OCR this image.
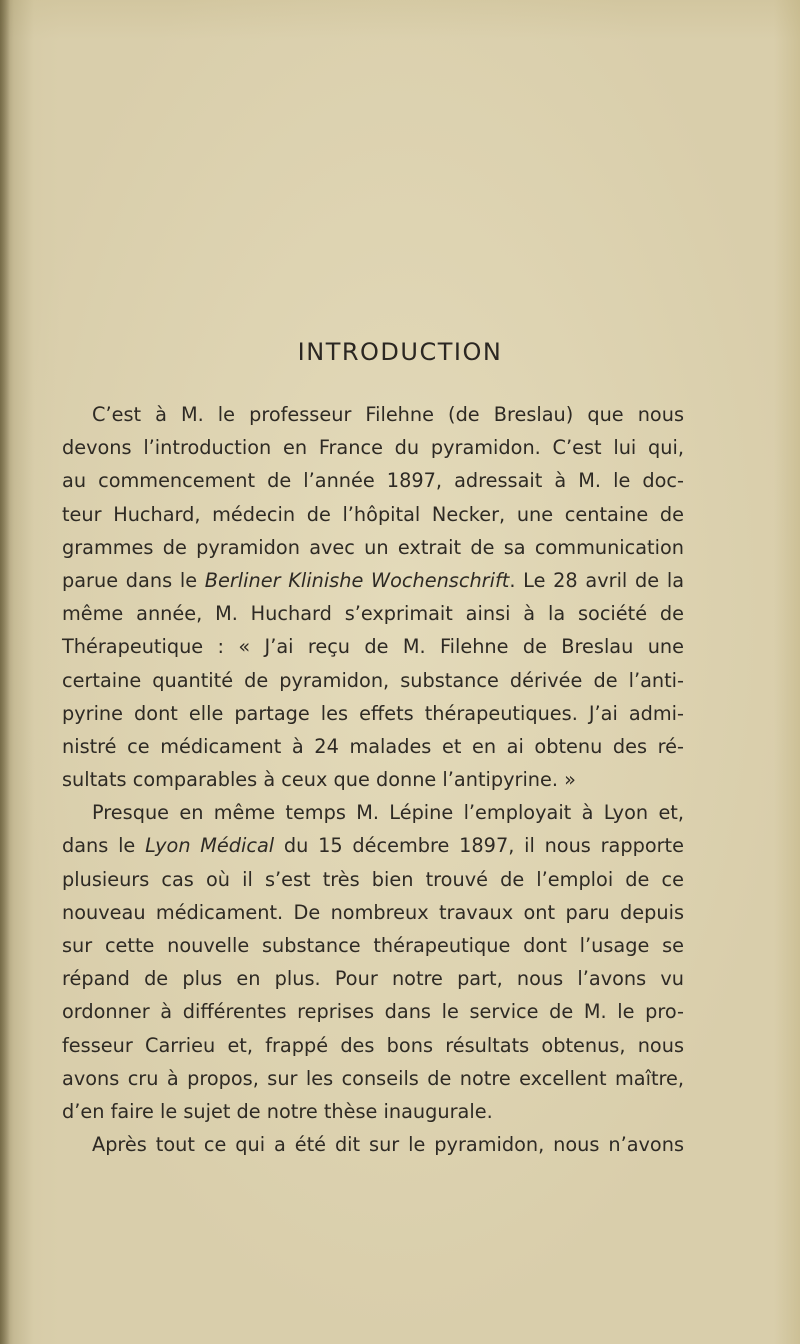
INTRODUCTION
C’est à M. le professeur Filehne (de Breslau) que nous
devons l’introduction en France du pyramidon. C’est lui qui,
au commencement de l’année 1897, adressait à M. le doc-
teur Huchard, médecin de l’hôpital Necker, une centaine de
grammes de pyramidon avec un extrait de sa communication
parue dans le Berliner Klinishe Wochenschrift. Le 28 avril de la
même année, M. Huchard s’exprimait ainsi à la société de
Thérapeutique : « J’ai reçu de M. Filehne de Breslau une
certaine quantité de pyramidon, substance dérivée de l’anti-
pyrine dont elle partage les effets thérapeutiques. J’ai admi-
nistré ce médicament à 24 malades et en ai obtenu des ré-
sultats comparables à ceux que donne l’antipyrine. »
Presque en même temps M. Lépine l’employait à Lyon et,
dans le Lyon Médical du 15 décembre 1897, il nous rapporte
plusieurs cas où il s’est très bien trouvé de l’emploi de ce
nouveau médicament. De nombreux travaux ont paru depuis
sur cette nouvelle substance thérapeutique dont l’usage se
répand de plus en plus. Pour notre part, nous l’avons vu
ordonner à différentes reprises dans le service de M. le pro-
fesseur Carrieu et, frappé des bons résultats obtenus, nous
avons cru à propos, sur les conseils de notre excellent maître,
d’en faire le sujet de notre thèse inaugurale.
Après tout ce qui a été dit sur le pyramidon, nous n’avons
